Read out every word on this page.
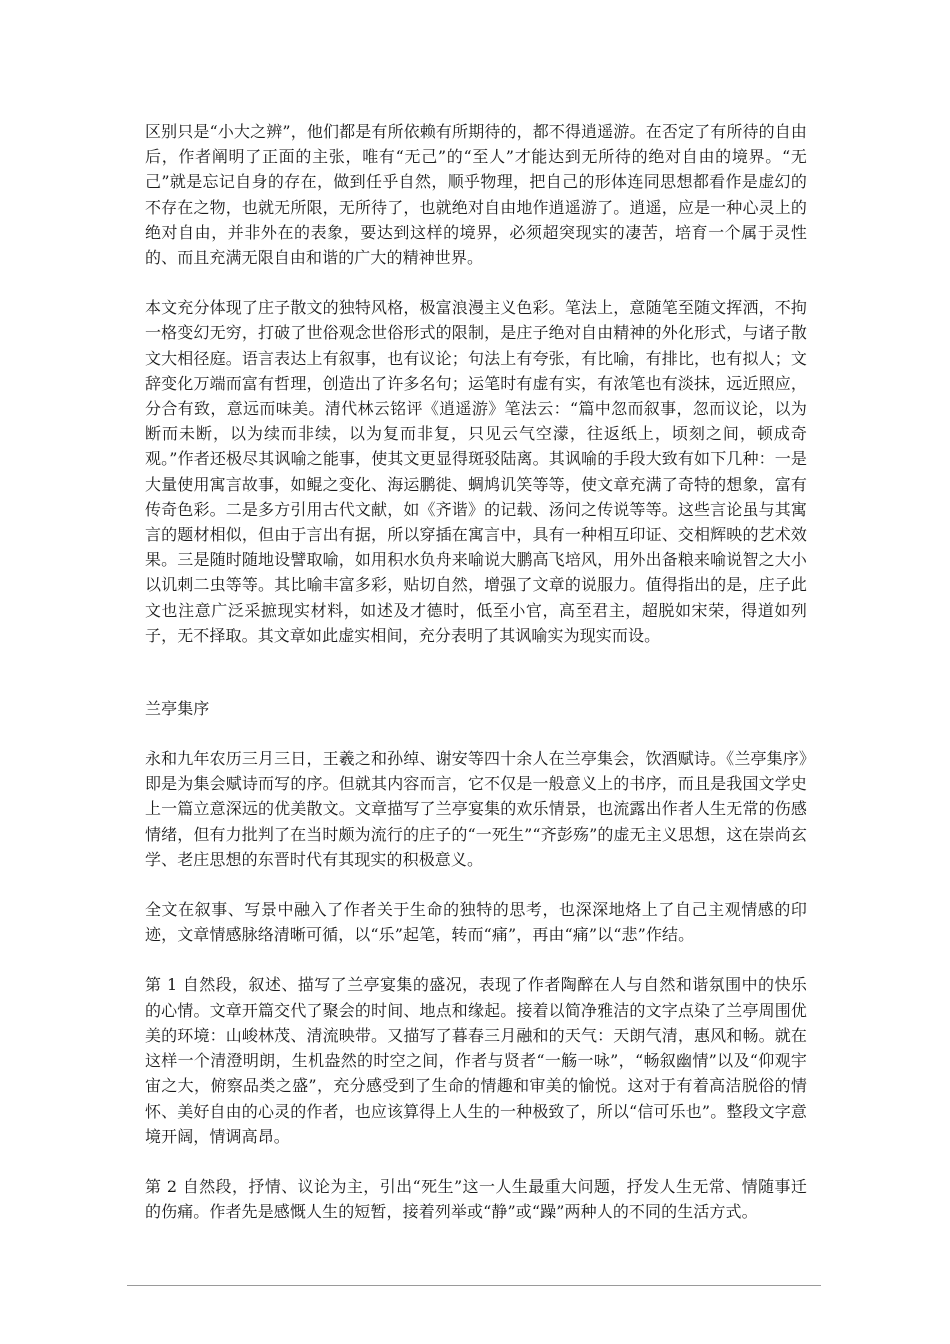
区别只是“小大之辨”，他们都是有所依赖有所期待的，都不得逍遥游。在否定了有所待的自由后，作者阐明了正面的主张，唯有“无己”的“至人”才能达到无所待的绝对自由的境界。“无己”就是忘记自身的存在，做到任乎自然，顺乎物理，把自己的形体连同思想都看作是虚幻的不存在之物，也就无所限，无所待了，也就绝对自由地作逍遥游了。逍遥，应是一种心灵上的绝对自由，并非外在的表象，要达到这样的境界，必须超突现实的凄苦，培育一个属于灵性的、而且充满无限自由和谐的广大的精神世界。

本文充分体现了庄子散文的独特风格，极富浪漫主义色彩。笔法上，意随笔至随文挥洒，不拘一格变幻无穷，打破了世俗观念世俗形式的限制，是庄子绝对自由精神的外化形式，与诸子散文大相径庭。语言表达上有叙事，也有议论；句法上有夸张，有比喻，有排比，也有拟人；文辞变化万端而富有哲理，创造出了许多名句；运笔时有虚有实，有浓笔也有淡抹，远近照应，分合有致，意远而味美。清代林云铭评《逍遥游》笔法云：“篇中忽而叙事，忽而议论，以为断而未断，以为续而非续，以为复而非复，只见云气空濛，往返纸上，顷刻之间，顿成奇观。”作者还极尽其讽喻之能事，使其文更显得斑驳陆离。其讽喻的手段大致有如下几种：一是大量使用寓言故事，如鲲之变化、海运鹏徙、蜩鸠讥笑等等，使文章充满了奇特的想象，富有传奇色彩。二是多方引用古代文献，如《齐谐》的记载、汤问之传说等等。这些言论虽与其寓言的题材相似，但由于言出有据，所以穿插在寓言中，具有一种相互印证、交相辉映的艺术效果。三是随时随地设譬取喻，如用积水负舟来喻说大鹏高飞培风，用外出备粮来喻说智之大小以讥刺二虫等等。其比喻丰富多彩，贴切自然，增强了文章的说服力。值得指出的是，庄子此文也注意广泛采摭现实材料，如述及才德时，低至小官，高至君主，超脱如宋荣，得道如列子，无不择取。其文章如此虚实相间，充分表明了其讽喻实为现实而设。

兰亭集序

永和九年农历三月三日，王羲之和孙绰、谢安等四十余人在兰亭集会，饮酒赋诗。《兰亭集序》即是为集会赋诗而写的序。但就其内容而言，它不仅是一般意义上的书序，而且是我国文学史上一篇立意深远的优美散文。文章描写了兰亭宴集的欢乐情景，也流露出作者人生无常的伤感情绪，但有力批判了在当时颇为流行的庄子的“一死生”“齐彭殇”的虚无主义思想，这在崇尚玄学、老庄思想的东晋时代有其现实的积极意义。

全文在叙事、写景中融入了作者关于生命的独特的思考，也深深地烙上了自己主观情感的印迹，文章情感脉络清晰可循，以“乐”起笔，转而“痛”，再由“痛”以“悲”作结。

第 1 自然段，叙述、描写了兰亭宴集的盛况，表现了作者陶醉在人与自然和谐氛围中的快乐的心情。文章开篇交代了聚会的时间、地点和缘起。接着以简净雅洁的文字点染了兰亭周围优美的环境：山峻林茂、清流映带。又描写了暮春三月融和的天气：天朗气清，惠风和畅。就在这样一个清澄明朗，生机盎然的时空之间，作者与贤者“一觞一咏”，“畅叙幽情”以及“仰观宇宙之大，俯察品类之盛”，充分感受到了生命的情趣和审美的愉悦。这对于有着高洁脱俗的情怀、美好自由的心灵的作者，也应该算得上人生的一种极致了，所以“信可乐也”。整段文字意境开阔，情调高昂。

第 2 自然段，抒情、议论为主，引出“死生”这一人生最重大问题，抒发人生无常、情随事迁的伤痛。作者先是感慨人生的短暂，接着列举或“静”或“躁”两种人的不同的生活方式。
